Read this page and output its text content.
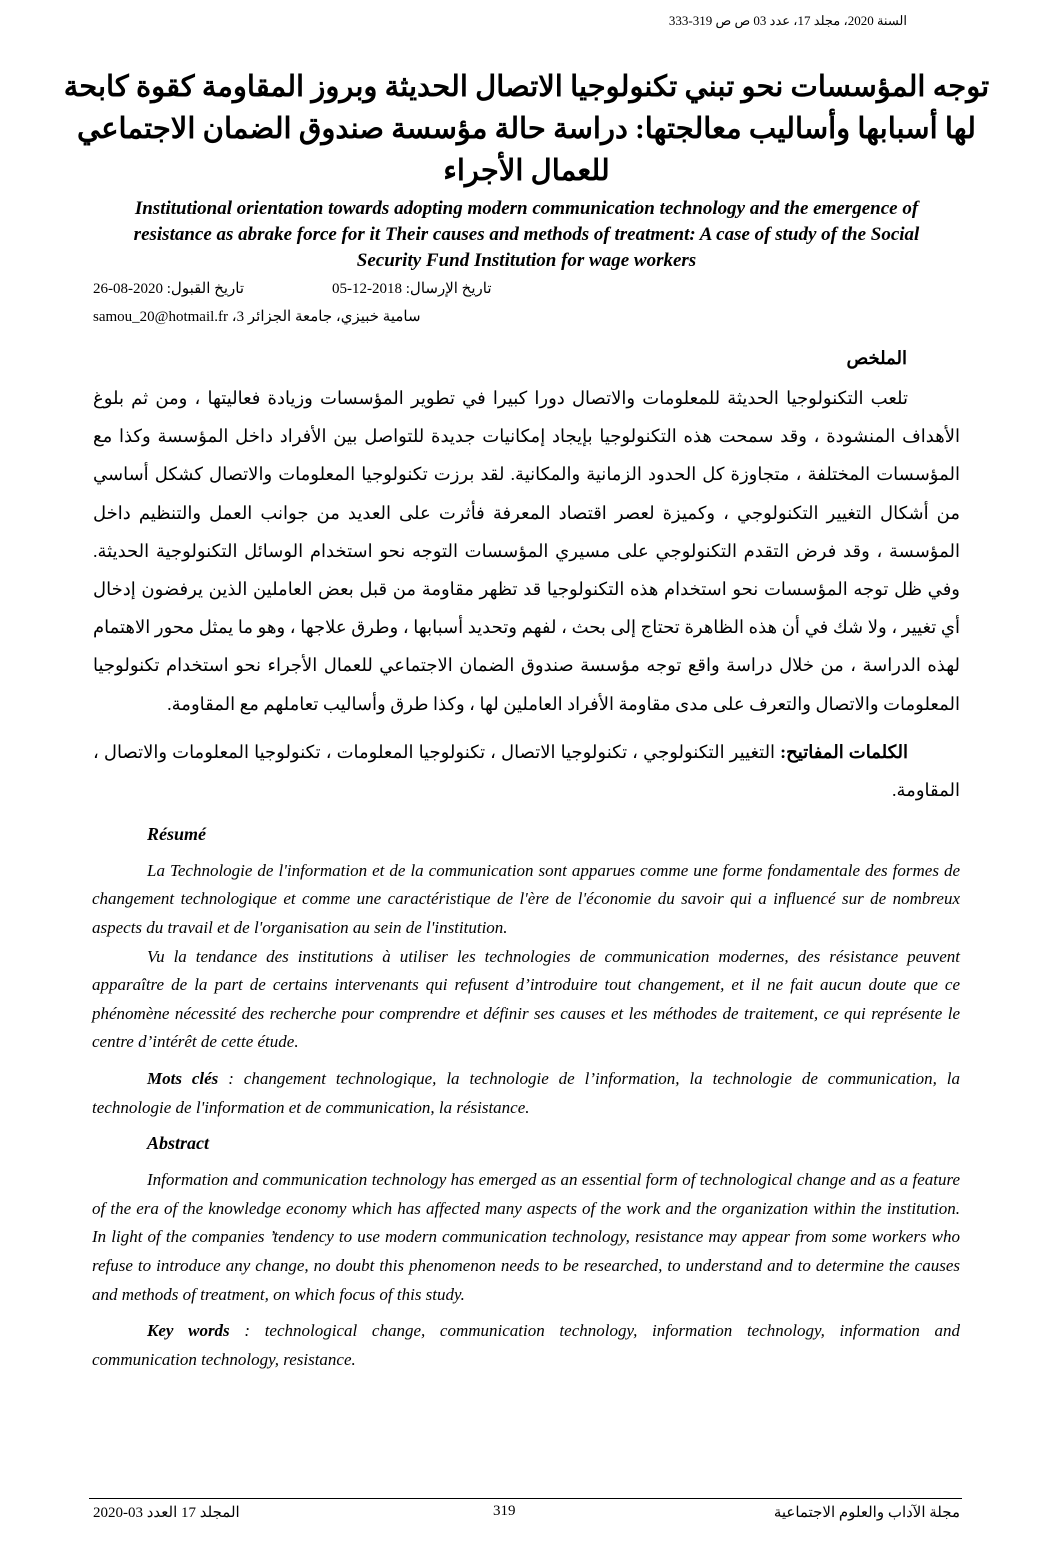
السنة 2020، مجلد 17، عدد 03 ص ص 319-333
توجه المؤسسات نحو تبني تكنولوجيا الاتصال الحديثة وبروز المقاومة كقوة كابحة لها أسبابها وأساليب معالجتها: دراسة حالة مؤسسة صندوق الضمان الاجتماعي للعمال الأجراء
Institutional orientation towards adopting modern communication technology and the emergence of resistance as abrake force for it Their causes and methods of treatment: A case of study of the Social Security Fund Institution for wage workers
تاريخ الإرسال: 2018-12-05
تاريخ القبول: 2020-08-26
samou_20@hotmail.fr سامية خبيزي، جامعة الجزائر 3،
الملخص
تلعب التكنولوجيا الحديثة للمعلومات والاتصال دورا كبيرا في تطوير المؤسسات وزيادة فعاليتها ، ومن ثم بلوغ الأهداف المنشودة ، وقد سمحت هذه التكنولوجيا بإيجاد إمكانيات جديدة للتواصل بين الأفراد داخل المؤسسة وكذا مع المؤسسات المختلفة ، متجاوزة كل الحدود الزمانية والمكانية. لقد برزت تكنولوجيا المعلومات والاتصال كشكل أساسي من أشكال التغيير التكنولوجي ، وكميزة لعصر اقتصاد المعرفة فأثرت على العديد من جوانب العمل والتنظيم داخل المؤسسة ، وقد فرض التقدم التكنولوجي على مسيري المؤسسات التوجه نحو استخدام الوسائل التكنولوجية الحديثة. وفي ظل توجه المؤسسات نحو استخدام هذه التكنولوجيا قد تظهر مقاومة من قبل بعض العاملين الذين يرفضون إدخال أي تغيير ، ولا شك في أن هذه الظاهرة تحتاج إلى بحث ، لفهم وتحديد أسبابها ، وطرق علاجها ، وهو ما يمثل محور الاهتمام لهذه الدراسة ، من خلال دراسة واقع توجه مؤسسة صندوق الضمان الاجتماعي للعمال الأجراء نحو استخدام تكنولوجيا المعلومات والاتصال والتعرف على مدى مقاومة الأفراد العاملين لها ، وكذا طرق وأساليب تعاملهم مع المقاومة.
الكلمات المفاتيح: التغيير التكنولوجي ، تكنولوجيا الاتصال ، تكنولوجيا المعلومات ، تكنولوجيا المعلومات والاتصال ، المقاومة.
Résumé

La Technologie de l'information et de la communication sont apparues comme une forme fondamentale des formes de changement technologique et comme une caractéristique de l'ère de l'économie du savoir qui a influencé sur de nombreux aspects du travail et de l'organisation au sein de l'institution.

Vu la tendance des institutions à utiliser les technologies de communication modernes, des résistance peuvent apparaître de la part de certains intervenants qui refusent d’introduire tout changement, et il ne fait aucun doute que ce phénomène nécessité des recherche pour comprendre et définir ses causes et les méthodes de traitement, ce qui représente le centre d’intérêt de cette étude.

Mots clés : changement technologique, la technologie de l’information, la technologie de communication, la technologie de l'information et de communication, la résistance.

Abstract

Information and communication technology has emerged as an essential form of technological change and as a feature of the era of the knowledge economy which has affected many aspects of the work and the organization within the institution. In light of the companies ’tendency to use modern communication technology, resistance may appear from some workers who refuse to introduce any change, no doubt this phenomenon needs to be researched, to understand and to determine the causes and methods of treatment, on which focus of this study.

Key words : technological change, communication technology, information technology, information and communication technology, resistance.

المجلد 17 العدد 03-2020	319	مجلة الآداب والعلوم الاجتماعية
